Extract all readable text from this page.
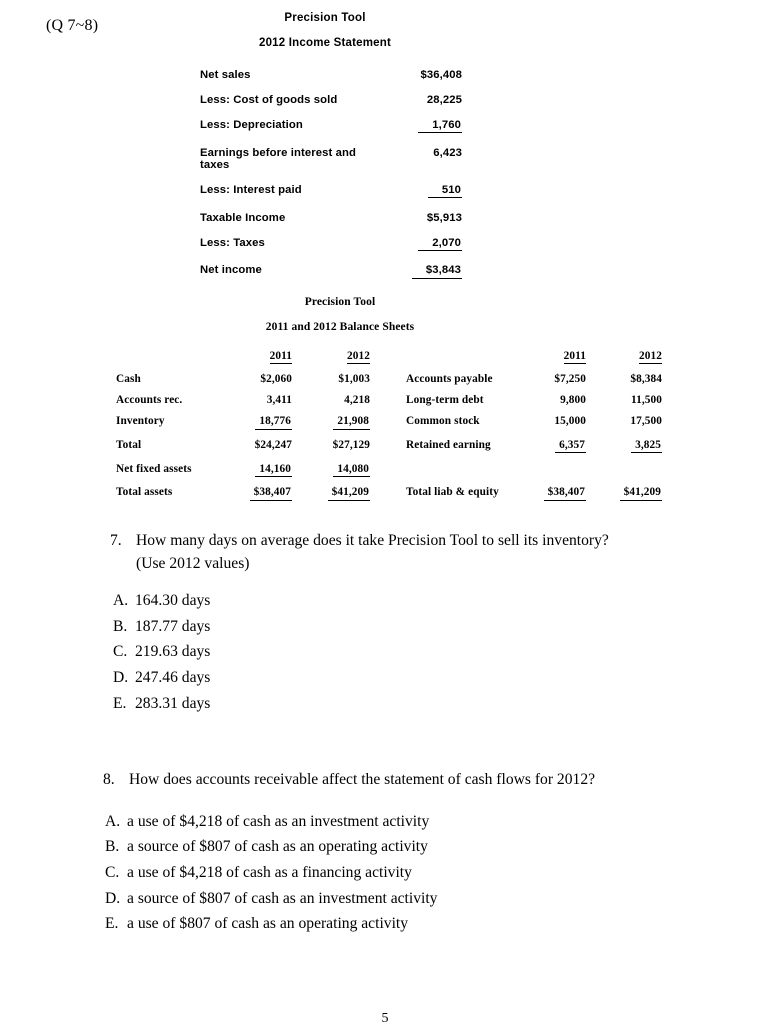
(Q 7~8)	Precision Tool
2012 Income Statement
Net sales	$36,408
Less: Cost of goods sold	28,225
Less: Depreciation	1,760
Earnings before interest and taxes	6,423
Less: Interest paid	510
Taxable Income	$5,913
Less: Taxes	2,070
Net income	$3,843
Precision Tool
2011 and 2012 Balance Sheets
	2011	2012			2011	2012
Cash	$2,060	$1,003		Accounts payable	$7,250	$8,384
Accounts rec.	3,411	4,218		Long-term debt	9,800	11,500
Inventory	18,776	21,908		Common stock	15,000	17,500
Total	$24,247	$27,129		Retained earning	6,357	3,825
Net fixed assets	14,160	14,080				
Total assets	$38,407	$41,209		Total liab & equity	$38,407	$41,209
7. How many days on average does it take Precision Tool to sell its inventory?
(Use 2012 values)
A. 164.30 days
B. 187.77 days
C. 219.63 days
D. 247.46 days
E. 283.31 days
8. How does accounts receivable affect the statement of cash flows for 2012?
A. a use of $4,218 of cash as an investment activity
B. a source of $807 of cash as an operating activity
C. a use of $4,218 of cash as a financing activity
D. a source of $807 of cash as an investment activity
E. a use of $807 of cash as an operating activity
5
